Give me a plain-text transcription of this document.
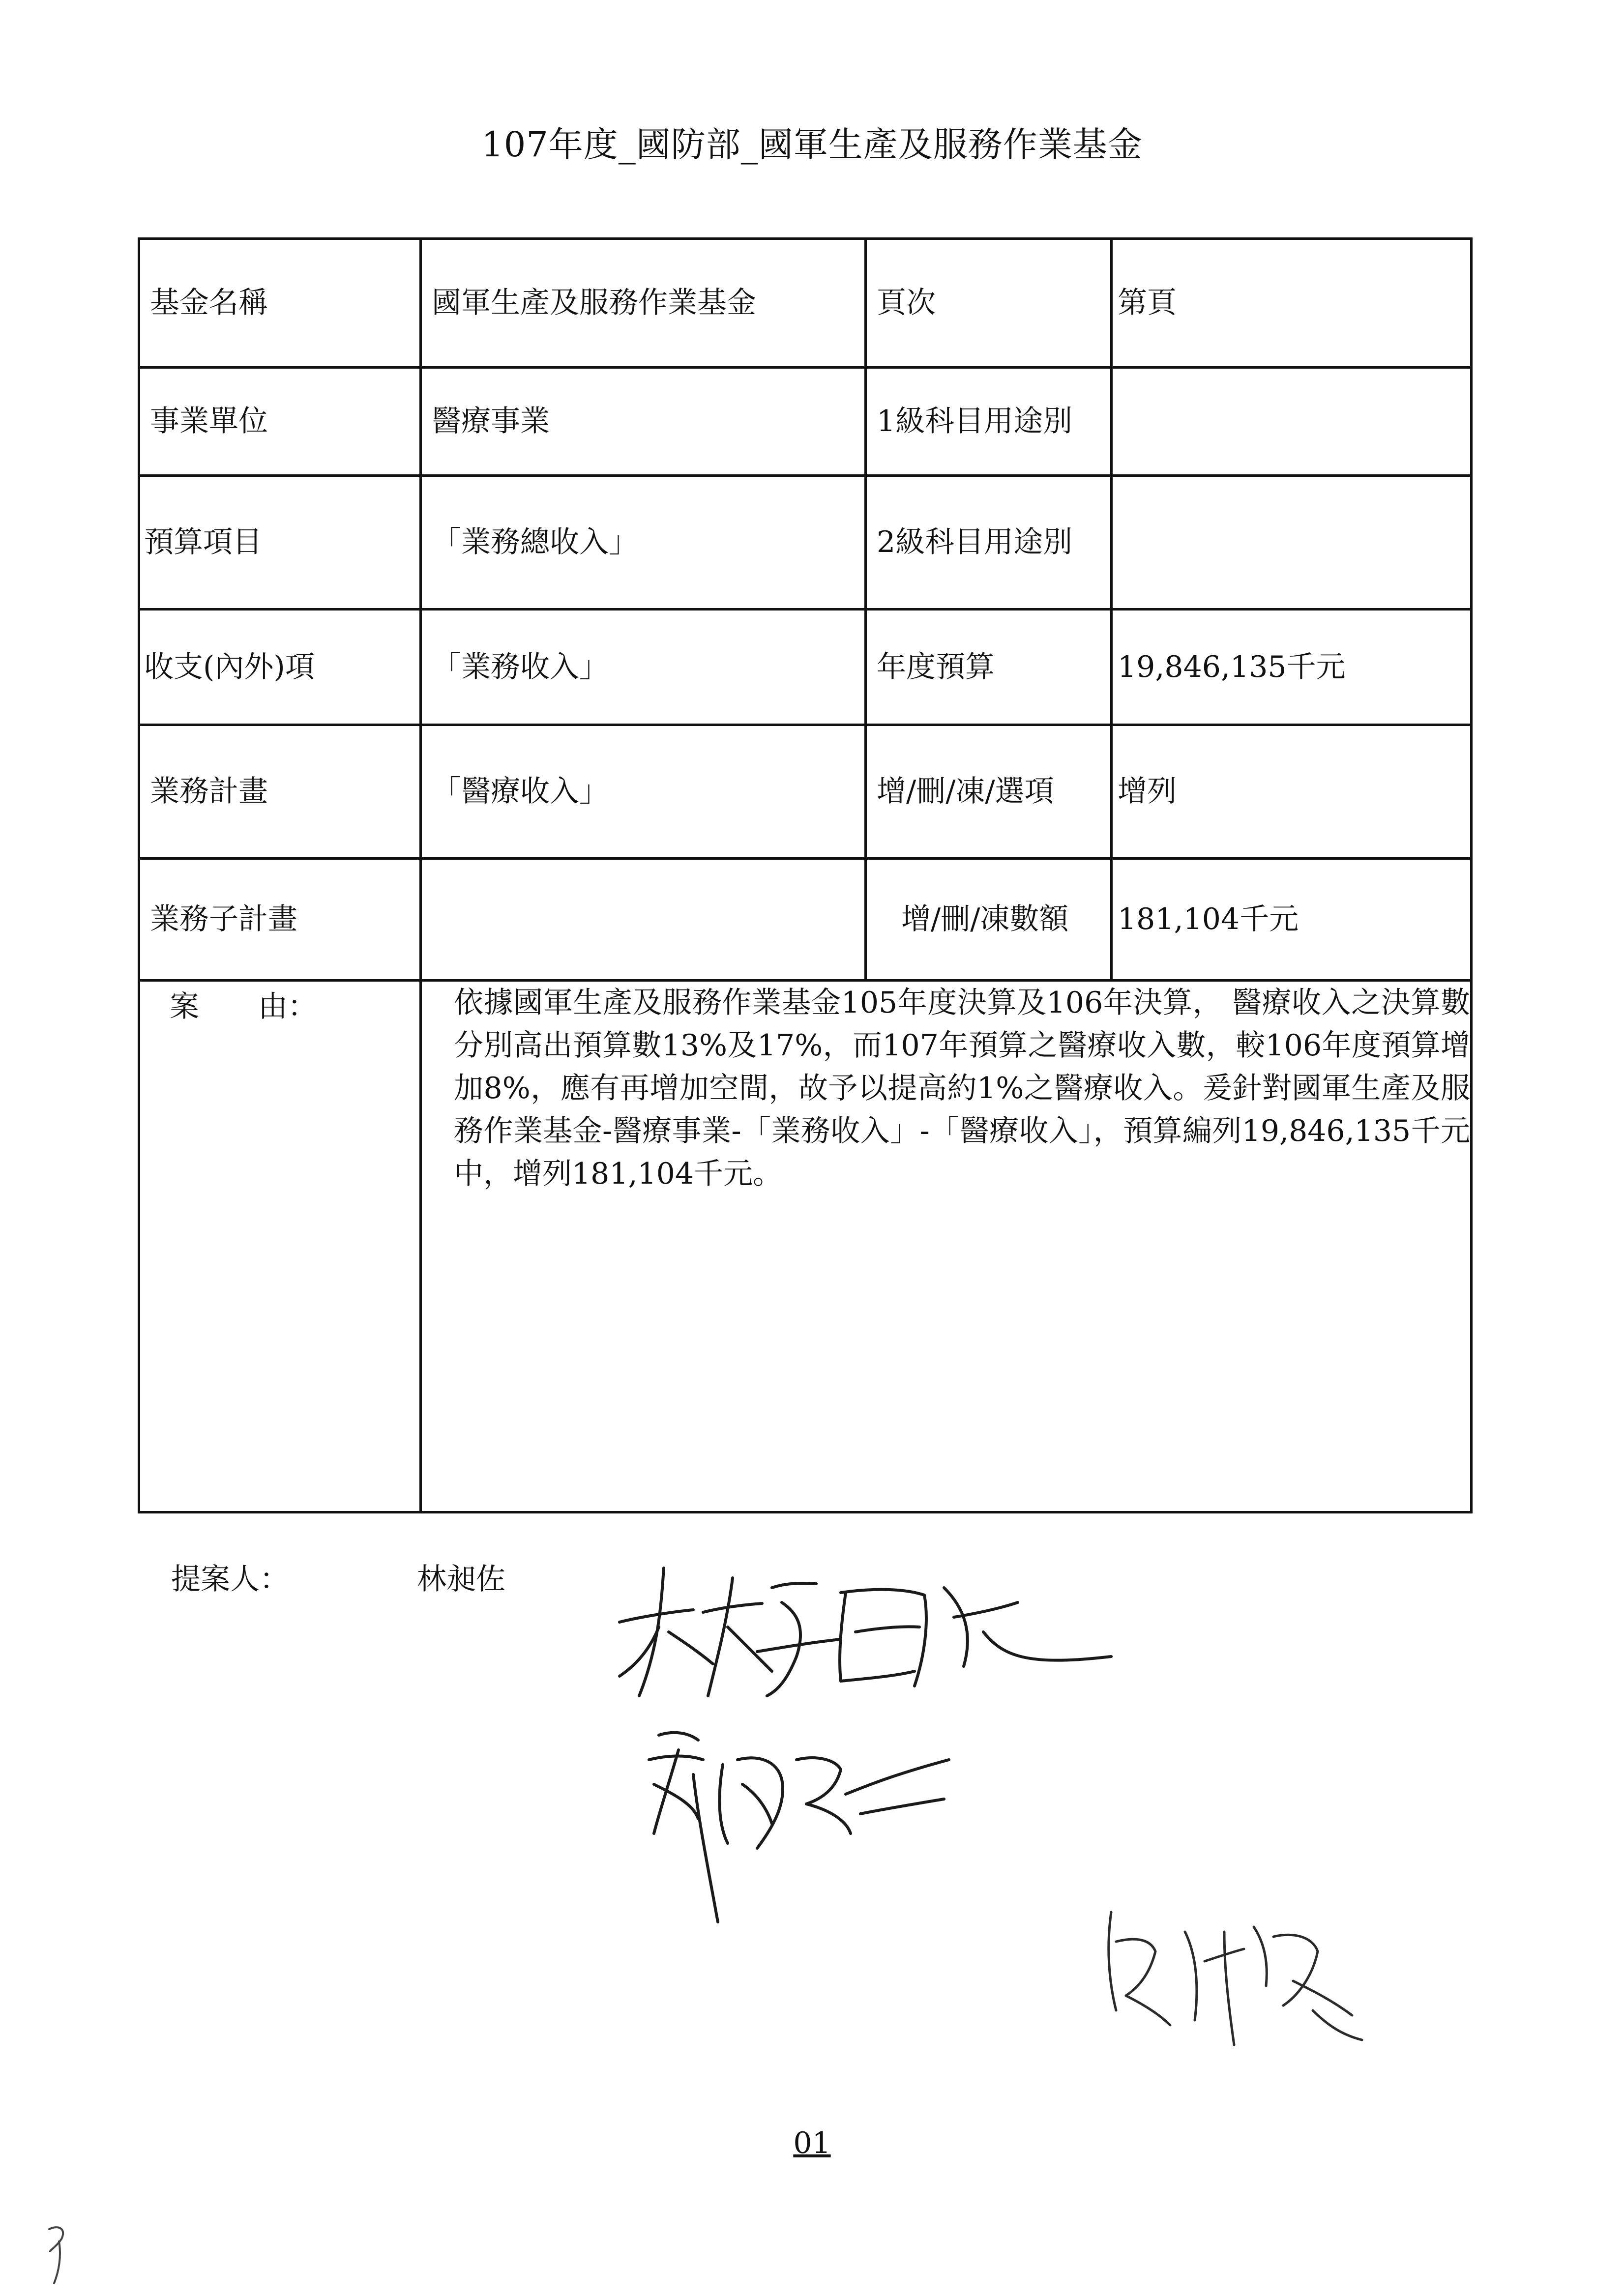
107年度_國防部_國軍生產及服務作業基金
基金名稱	國軍生產及服務作業基金	頁次	第頁
事業單位	醫療事業	1級科目用途別	
預算項目	「業務總收入」	2級科目用途別	
收支(內外)項	「業務收入」	年度預算	19,846,135千元
業務計畫	「醫療收入」	增/刪/凍/選項	增列
業務子計畫		增/刪/凍數額	181,104千元
案　　由：	依據國軍生產及服務作業基金105年度決算及106年決算， 醫療收入之決算數分別高出預算數13%及17%，而107年預算之醫療收入數，較106年度預算增加8%，應有再增加空間，故予以提高約1%之醫療收入。爰針對國軍生產及服務作業基金-醫療事業-「業務收入」-「醫療收入」，預算編列19,846,135千元中，增列181,104千元。		
提案人：	林昶佐
01
